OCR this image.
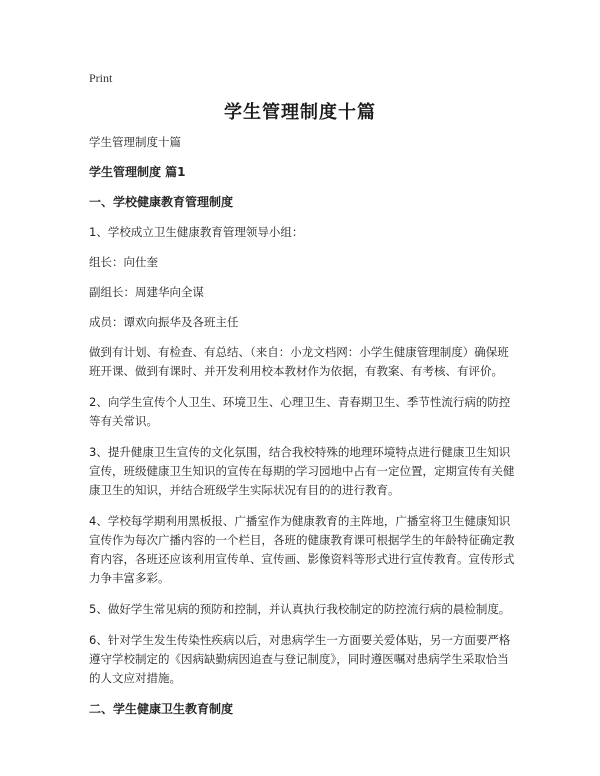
Print
学生管理制度十篇

学生管理制度十篇

学生管理制度 篇1

一、学校健康教育管理制度

1、学校成立卫生健康教育管理领导小组：

组长：向仕奎

副组长：周建华向全谋

成员：谭欢向振华及各班主任

做到有计划、有检查、有总结、（来自：小龙文档网：小学生健康管理制度）确保班班开课、做到有课时、并开发利用校本教材作为依据，有教案、有考核、有评价。

2、向学生宣传个人卫生、环境卫生、心理卫生、青春期卫生、季节性流行病的防控等有关常识。

3、提升健康卫生宣传的文化氛围，结合我校特殊的地理环境特点进行健康卫生知识宣传，班级健康卫生知识的宣传在每期的学习园地中占有一定位置，定期宣传有关健康卫生的知识，并结合班级学生实际状况有目的的进行教育。

4、学校每学期利用黑板报、广播室作为健康教育的主阵地，广播室将卫生健康知识宣传作为每次广播内容的一个栏目，各班的健康教育课可根据学生的年龄特征确定教育内容，各班还应该利用宣传单、宣传画、影像资料等形式进行宣传教育。宣传形式力争丰富多彩。

5、做好学生常见病的预防和控制，并认真执行我校制定的防控流行病的晨检制度。

6、针对学生发生传染性疾病以后，对患病学生一方面要关爱体贴，另一方面要严格遵守学校制定的《因病缺勤病因追查与登记制度》，同时遵医嘱对患病学生采取恰当的人文应对措施。

二、学生健康卫生教育制度
